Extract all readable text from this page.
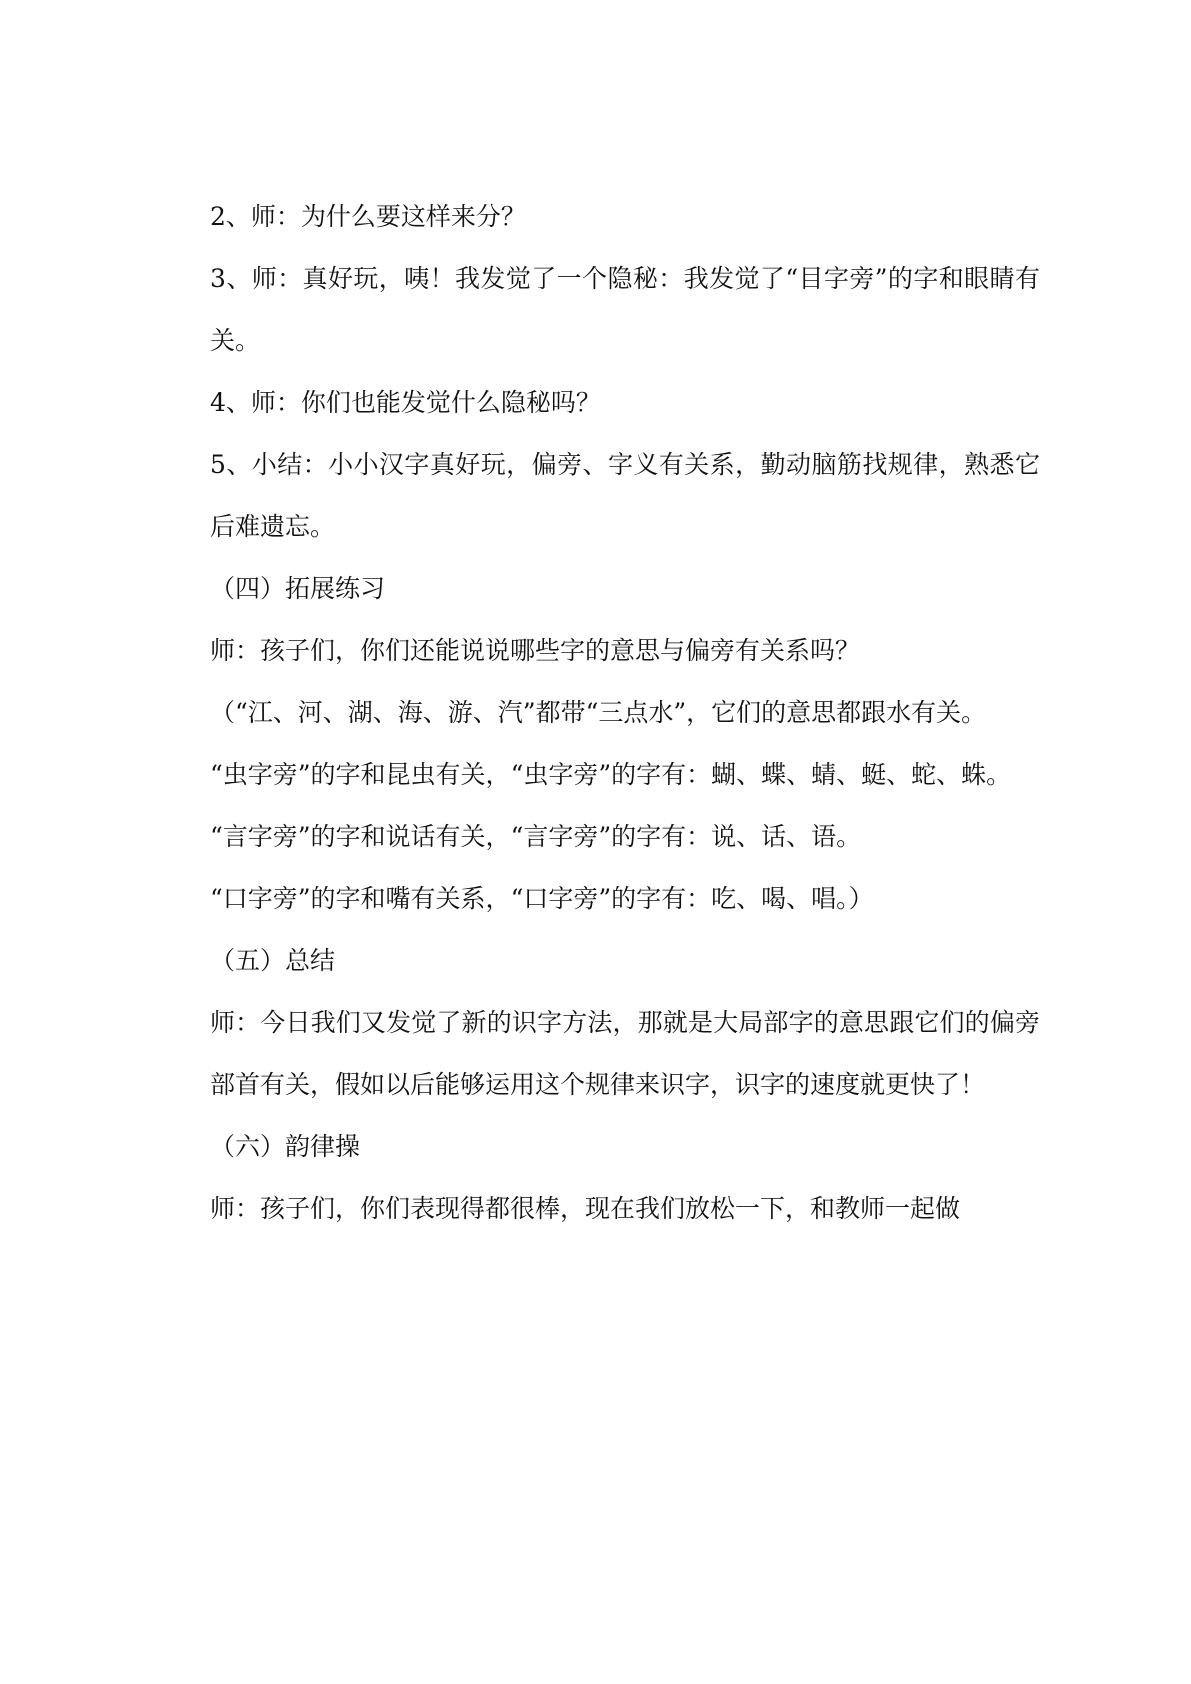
2、师：为什么要这样来分？

3、师：真好玩，咦！我发觉了一个隐秘：我发觉了“目字旁”的字和眼睛有关。

4、师：你们也能发觉什么隐秘吗？

5、小结：小小汉字真好玩，偏旁、字义有关系，勤动脑筋找规律，熟悉它后难遗忘。

（四）拓展练习

师：孩子们，你们还能说说哪些字的意思与偏旁有关系吗？

（“江、河、湖、海、游、汽”都带“三点水”，它们的意思都跟水有关。

“虫字旁”的字和昆虫有关，“虫字旁”的字有：蝴、蝶、蜻、蜓、蛇、蛛。

“言字旁”的字和说话有关，“言字旁”的字有：说、话、语。

“口字旁”的字和嘴有关系，“口字旁”的字有：吃、喝、唱。）

（五）总结

师：今日我们又发觉了新的识字方法，那就是大局部字的意思跟它们的偏旁部首有关，假如以后能够运用这个规律来识字，识字的速度就更快了！

（六）韵律操

师：孩子们，你们表现得都很棒，现在我们放松一下，和教师一起做
